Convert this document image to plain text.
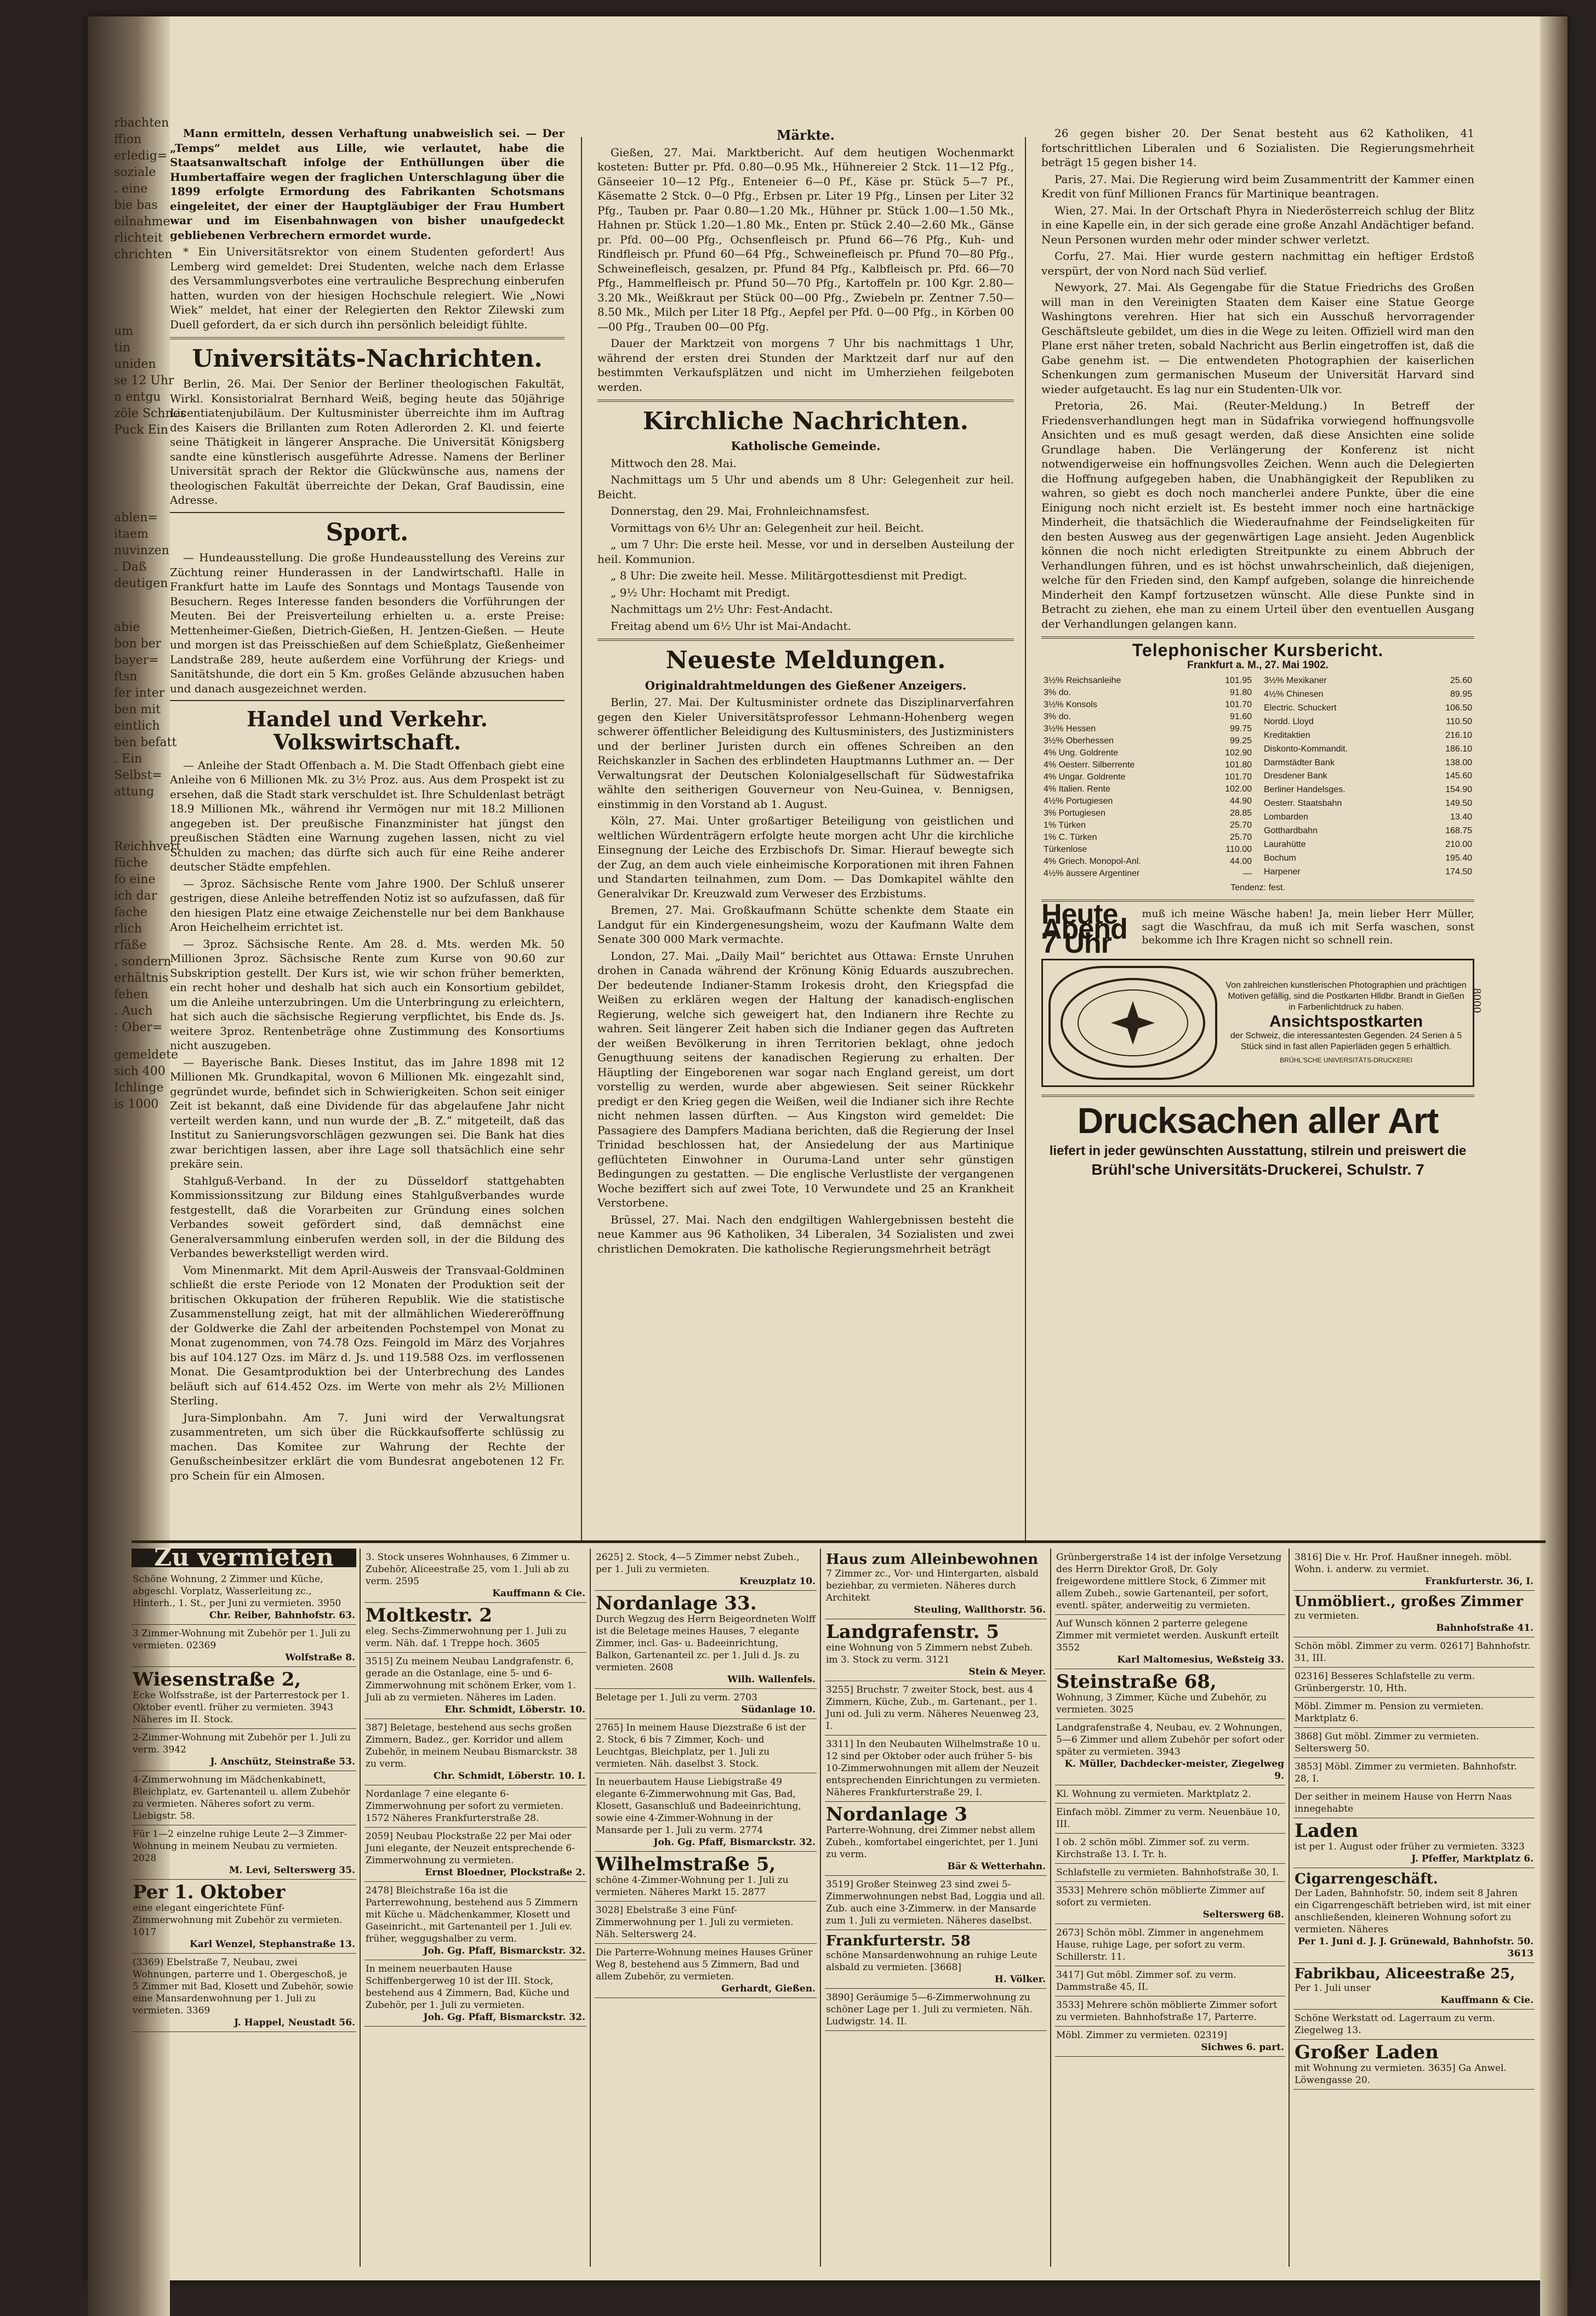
rbachten
ffion
erledig=
soziale
. eine
bie bas
eilnahme
rlichteit
chrichten
um
tin
uniden
se 12 Uhr
n entgu
zöle Schnes
Puck Ein
ablen=
itaem
nuvinzen
. Daß
deutigen
abie
bon ber
bayer=
ftsn
fer inter
ben mit
eintlich
ben befatt
. Ein
Selbst=
attung
Reichhvert
füche
fo eine
ich dar
fache
rlich
rfäße
, sondern
erhältnis
fehen
. Auch
: Ober=
gemeldete
sich 400
Ichlinge
is 1000

Mann ermitteln, dessen Verhaftung unabweislich sei. — Der „Temps“ meldet aus Lille, wie verlautet, habe die Staatsanwaltschaft infolge der Enthüllungen über die Humbertaffaire wegen der fraglichen Unterschlagung über die 1899 erfolgte Ermordung des Fabrikanten Schotsmans eingeleitet, der einer der Hauptgläubiger der Frau Humbert war und im Eisenbahnwagen von bisher unaufgedeckt gebliebenen Verbrechern ermordet wurde.

* Ein Universitätsrektor von einem Studenten gefordert! Aus Lemberg wird gemeldet: Drei Studenten, welche nach dem Erlasse des Versammlungsverbotes eine vertrauliche Besprechung einberufen hatten, wurden von der hiesigen Hochschule relegiert. Wie „Nowi Wiek“ meldet, hat einer der Relegierten den Rektor Zilewski zum Duell gefordert, da er sich durch ihn persönlich beleidigt fühlte.

Universitäts-Nachrichten.

Berlin, 26. Mai. Der Senior der Berliner theologischen Fakultät, Wirkl. Konsistorialrat Bernhard Weiß, beging heute das 50jährige Licentiatenjubiläum. Der Kultusminister überreichte ihm im Auftrag des Kaisers die Brillanten zum Roten Adlerorden 2. Kl. und feierte seine Thätigkeit in längerer Ansprache. Die Universität Königsberg sandte eine künstlerisch ausgeführte Adresse. Namens der Berliner Universität sprach der Rektor die Glückwünsche aus, namens der theologischen Fakultät überreichte der Dekan, Graf Baudissin, eine Adresse.

Sport.

— Hundeausstellung. Die große Hundeausstellung des Vereins zur Züchtung reiner Hunderassen in der Landwirtschaftl. Halle in Frankfurt hatte im Laufe des Sonntags und Montags Tausende von Besuchern. Reges Interesse fanden besonders die Vorführungen der Meuten. Bei der Preisverteilung erhielten u. a. erste Preise: Mettenheimer-Gießen, Dietrich-Gießen, H. Jentzen-Gießen. — Heute und morgen ist das Preisschießen auf dem Schießplatz, Gießenheimer Landstraße 289, heute außerdem eine Vorführung der Kriegs- und Sanitätshunde, die dort ein 5 Km. großes Gelände abzusuchen haben und danach ausgezeichnet werden.

Handel und Verkehr. Volkswirtschaft.

— Anleihe der Stadt Offenbach a. M. Die Stadt Offenbach giebt eine Anleihe von 6 Millionen Mk. zu 3½ Proz. aus. Aus dem Prospekt ist zu ersehen, daß die Stadt stark verschuldet ist. Ihre Schuldenlast beträgt 18.9 Millionen Mk., während ihr Vermögen nur mit 18.2 Millionen angegeben ist. Der preußische Finanzminister hat jüngst den preußischen Städten eine Warnung zugehen lassen, nicht zu viel Schulden zu machen; das dürfte sich auch für eine Reihe anderer deutscher Städte empfehlen.

— 3proz. Sächsische Rente vom Jahre 1900. Der Schluß unserer gestrigen, diese Anleihe betreffenden Notiz ist so aufzufassen, daß für den hiesigen Platz eine etwaige Zeichenstelle nur bei dem Bankhause Aron Heichelheim errichtet ist.

— 3proz. Sächsische Rente. Am 28. d. Mts. werden Mk. 50 Millionen 3proz. Sächsische Rente zum Kurse von 90.60 zur Subskription gestellt. Der Kurs ist, wie wir schon früher bemerkten, ein recht hoher und deshalb hat sich auch ein Konsortium gebildet, um die Anleihe unterzubringen. Um die Unterbringung zu erleichtern, hat sich auch die sächsische Regierung verpflichtet, bis Ende ds. Js. weitere 3proz. Rentenbeträge ohne Zustimmung des Konsortiums nicht auszugeben.

— Bayerische Bank. Dieses Institut, das im Jahre 1898 mit 12 Millionen Mk. Grundkapital, wovon 6 Millionen Mk. eingezahlt sind, gegründet wurde, befindet sich in Schwierigkeiten. Schon seit einiger Zeit ist bekannt, daß eine Dividende für das abgelaufene Jahr nicht verteilt werden kann, und nun wurde der „B. Z.“ mitgeteilt, daß das Institut zu Sanierungsvorschlägen gezwungen sei. Die Bank hat dies zwar berichtigen lassen, aber ihre Lage soll thatsächlich eine sehr prekäre sein.

Stahlguß-Verband. In der zu Düsseldorf stattgehabten Kommissionssitzung zur Bildung eines Stahlgußverbandes wurde festgestellt, daß die Vorarbeiten zur Gründung eines solchen Verbandes soweit gefördert sind, daß demnächst eine Generalversammlung einberufen werden soll, in der die Bildung des Verbandes bewerkstelligt werden wird.

Vom Minenmarkt. Mit dem April-Ausweis der Transvaal-Goldminen schließt die erste Periode von 12 Monaten der Produktion seit der britischen Okkupation der früheren Republik. Wie die statistische Zusammenstellung zeigt, hat mit der allmählichen Wiedereröffnung der Goldwerke die Zahl der arbeitenden Pochstempel von Monat zu Monat zugenommen, von 74.78 Ozs. Feingold im März des Vorjahres bis auf 104.127 Ozs. im März d. Js. und 119.588 Ozs. im verflossenen Monat. Die Gesamtproduktion bei der Unterbrechung des Landes beläuft sich auf 614.452 Ozs. im Werte von mehr als 2½ Millionen Sterling.

Jura-Simplonbahn. Am 7. Juni wird der Verwaltungsrat zusammentreten, um sich über die Rückkaufsofferte schlüssig zu machen. Das Komitee zur Wahrung der Rechte der Genußscheinbesitzer erklärt die vom Bundesrat angebotenen 12 Fr. pro Schein für ein Almosen.

Märkte.

Gießen, 27. Mai. Marktbericht. Auf dem heutigen Wochenmarkt kosteten: Butter pr. Pfd. 0.80—0.95 Mk., Hühnereier 2 Stck. 11—12 Pfg., Gänseeier 10—12 Pfg., Enteneier 6—0 Pf., Käse pr. Stück 5—7 Pf., Käsematte 2 Stck. 0—0 Pfg., Erbsen pr. Liter 19 Pfg., Linsen per Liter 32 Pfg., Tauben pr. Paar 0.80—1.20 Mk., Hühner pr. Stück 1.00—1.50 Mk., Hahnen pr. Stück 1.20—1.80 Mk., Enten pr. Stück 2.40—2.60 Mk., Gänse pr. Pfd. 00—00 Pfg., Ochsenfleisch pr. Pfund 66—76 Pfg., Kuh- und Rindfleisch pr. Pfund 60—64 Pfg., Schweinefleisch pr. Pfund 70—80 Pfg., Schweinefleisch, gesalzen, pr. Pfund 84 Pfg., Kalbfleisch pr. Pfd. 66—70 Pfg., Hammelfleisch pr. Pfund 50—70 Pfg., Kartoffeln pr. 100 Kgr. 2.80—3.20 Mk., Weißkraut per Stück 00—00 Pfg., Zwiebeln pr. Zentner 7.50—8.50 Mk., Milch per Liter 18 Pfg., Aepfel per Pfd. 0—00 Pfg., in Körben 00—00 Pfg., Trauben 00—00 Pfg.

Dauer der Marktzeit von morgens 7 Uhr bis nachmittags 1 Uhr, während der ersten drei Stunden der Marktzeit darf nur auf den bestimmten Verkaufsplätzen und nicht im Umherziehen feilgeboten werden.

Kirchliche Nachrichten.
Katholische Gemeinde.

Mittwoch den 28. Mai.

Nachmittags um 5 Uhr und abends um 8 Uhr: Gelegenheit zur heil. Beicht.

Donnerstag, den 29. Mai, Frohnleichnamsfest.

Vormittags von 6½ Uhr an: Gelegenheit zur heil. Beicht.

„ um 7 Uhr: Die erste heil. Messe, vor und in derselben Austeilung der heil. Kommunion.

„ 8 Uhr: Die zweite heil. Messe. Militärgottesdienst mit Predigt.

„ 9½ Uhr: Hochamt mit Predigt.

Nachmittags um 2½ Uhr: Fest-Andacht.

Freitag abend um 6½ Uhr ist Mai-Andacht.

Neueste Meldungen.
Originaldrahtmeldungen des Gießener Anzeigers.

Berlin, 27. Mai. Der Kultusminister ordnete das Disziplinarverfahren gegen den Kieler Universitätsprofessor Lehmann-Hohenberg wegen schwerer öffentlicher Beleidigung des Kultusministers, des Justizministers und der berliner Juristen durch ein offenes Schreiben an den Reichskanzler in Sachen des erblindeten Hauptmanns Luthmer an. — Der Verwaltungsrat der Deutschen Kolonialgesellschaft für Südwestafrika wählte den seitherigen Gouverneur von Neu-Guinea, v. Bennigsen, einstimmig in den Vorstand ab 1. August.

Köln, 27. Mai. Unter großartiger Beteiligung von geistlichen und weltlichen Würdenträgern erfolgte heute morgen acht Uhr die kirchliche Einsegnung der Leiche des Erzbischofs Dr. Simar. Hierauf bewegte sich der Zug, an dem auch viele einheimische Korporationen mit ihren Fahnen und Standarten teilnahmen, zum Dom. — Das Domkapitel wählte den Generalvikar Dr. Kreuzwald zum Verweser des Erzbistums.

Bremen, 27. Mai. Großkaufmann Schütte schenkte dem Staate ein Landgut für ein Kindergenesungsheim, wozu der Kaufmann Walte dem Senate 300 000 Mark vermachte.

London, 27. Mai. „Daily Mail“ berichtet aus Ottawa: Ernste Unruhen drohen in Canada während der Krönung König Eduards auszubrechen. Der bedeutende Indianer-Stamm Irokesis droht, den Kriegspfad die Weißen zu erklären wegen der Haltung der kanadisch-englischen Regierung, welche sich geweigert hat, den Indianern ihre Rechte zu wahren. Seit längerer Zeit haben sich die Indianer gegen das Auftreten der weißen Bevölkerung in ihren Territorien beklagt, ohne jedoch Genugthuung seitens der kanadischen Regierung zu erhalten. Der Häuptling der Eingeborenen war sogar nach England gereist, um dort vorstellig zu werden, wurde aber abgewiesen. Seit seiner Rückkehr predigt er den Krieg gegen die Weißen, weil die Indianer sich ihre Rechte nicht nehmen lassen dürften. — Aus Kingston wird gemeldet: Die Passagiere des Dampfers Madiana berichten, daß die Regierung der Insel Trinidad beschlossen hat, der Ansiedelung der aus Martinique geflüchteten Einwohner in Ouruma-Land unter sehr günstigen Bedingungen zu gestatten. — Die englische Verlustliste der vergangenen Woche beziffert sich auf zwei Tote, 10 Verwundete und 25 an Krankheit Verstorbene.

Brüssel, 27. Mai. Nach den endgiltigen Wahlergebnissen besteht die neue Kammer aus 96 Katholiken, 34 Liberalen, 34 Sozialisten und zwei christlichen Demokraten. Die katholische Regierungsmehrheit beträgt

26 gegen bisher 20. Der Senat besteht aus 62 Katholiken, 41 fortschrittlichen Liberalen und 6 Sozialisten. Die Regierungsmehrheit beträgt 15 gegen bisher 14.

Paris, 27. Mai. Die Regierung wird beim Zusammentritt der Kammer einen Kredit von fünf Millionen Francs für Martinique beantragen.

Wien, 27. Mai. In der Ortschaft Phyra in Niederösterreich schlug der Blitz in eine Kapelle ein, in der sich gerade eine große Anzahl Andächtiger befand. Neun Personen wurden mehr oder minder schwer verletzt.

Corfu, 27. Mai. Hier wurde gestern nachmittag ein heftiger Erdstoß verspürt, der von Nord nach Süd verlief.

Newyork, 27. Mai. Als Gegengabe für die Statue Friedrichs des Großen will man in den Vereinigten Staaten dem Kaiser eine Statue George Washingtons verehren. Hier hat sich ein Ausschuß hervorragender Geschäftsleute gebildet, um dies in die Wege zu leiten. Offiziell wird man den Plane erst näher treten, sobald Nachricht aus Berlin eingetroffen ist, daß die Gabe genehm ist. — Die entwendeten Photographien der kaiserlichen Schenkungen zum germanischen Museum der Universität Harvard sind wieder aufgetaucht. Es lag nur ein Studenten-Ulk vor.

Pretoria, 26. Mai. (Reuter-Meldung.) In Betreff der Friedensverhandlungen hegt man in Südafrika vorwiegend hoffnungsvolle Ansichten und es muß gesagt werden, daß diese Ansichten eine solide Grundlage haben. Die Verlängerung der Konferenz ist nicht notwendigerweise ein hoffnungsvolles Zeichen. Wenn auch die Delegierten die Hoffnung aufgegeben haben, die Unabhängigkeit der Republiken zu wahren, so giebt es doch noch mancherlei andere Punkte, über die eine Einigung noch nicht erzielt ist. Es besteht immer noch eine hartnäckige Minderheit, die thatsächlich die Wiederaufnahme der Feindseligkeiten für den besten Ausweg aus der gegenwärtigen Lage ansieht. Jeden Augenblick können die noch nicht erledigten Streitpunkte zu einem Abbruch der Verhandlungen führen, und es ist höchst unwahrscheinlich, daß diejenigen, welche für den Frieden sind, den Kampf aufgeben, solange die hinreichende Minderheit den Kampf fortzusetzen wünscht. Alle diese Punkte sind in Betracht zu ziehen, ehe man zu einem Urteil über den eventuellen Ausgang der Verhandlungen gelangen kann.

Telephonischer Kursbericht.
Frankfurt a. M., 27. Mai 1902.
3½% Reichsanleihe	101.95
3% do.	91.80
3½% Konsols	101.70
3% do.	91.60
3½% Hessen	99.75
3½% Oberhessen	99.25
4% Ung. Goldrente	102.90
4% Oesterr. Silberrente	101.80
4% Ungar. Goldrente	101.70
4% Italien. Rente	102.00
4½% Portugiesen	44.90
3% Portugiesen	28.85
1% Türken	25.70
1% C. Türken	25.70
Türkenlose	110.00
4% Griech. Monopol-Anl.	44.00
4½% äussere Argentiner	—
3½% Mexikaner	25.60
4½% Chinesen	89.95
Electric. Schuckert	106.50
Nordd. Lloyd	110.50
Kreditaktien	216.10
Diskonto-Kommandit.	186.10
Darmstädter Bank	138.00
Dresdener Bank	145.60
Berliner Handelsges.	154.90
Oesterr. Staatsbahn	149.50
Lombarden	13.40
Gotthardbahn	168.75
Laurahütte	210.00
Bochum	195.40
Harpener	174.50
Tendenz: fest.
Heute Abend 7 Uhr
muß ich meine Wäsche haben! Ja, mein lieber Herr Müller, sagt die Waschfrau, da muß ich mit Serfa waschen, sonst bekomme ich Ihre Kragen nicht so schnell rein.
Von zahlreichen kunstlerischen Photographien und prächtigen Motiven gefällig, sind die Postkarten Hlldbr. Brandt in Gießen in Farbenlichtdruck zu haben.
Ansichtspostkarten
der Schweiz, die interessantesten Gegenden. 24 Serien à 5 Stück sind in fast allen Papierläden gegen 5 erhältlich.
BRÜHL'SCHE UNIVERSITÄTS-DRUCKEREI
8000
Drucksachen aller Art
liefert in jeder gewünschten Ausstattung, stilrein und preiswert die
Brühl'sche Universitäts-Druckerei, Schulstr. 7
Zu vermieten
Schöne Wohnung, 2 Zimmer und Küche, abgeschl. Vorplatz, Wasserleitung zc., Hinterh., 1. St., per Juni zu vermieten. 3950
Chr. Reiber, Bahnhofstr. 63.
3 Zimmer-Wohnung mit Zubehör per 1. Juli zu vermieten. 02369
Wolfstraße 8.
Wiesenstraße 2,
Ecke Wolfsstraße, ist der Parterrestock per 1. Oktober eventl. früher zu vermieten. 3943 Näheres im II. Stock.
2-Zimmer-Wohnung mit Zubehör per 1. Juli zu verm. 3942
J. Anschütz, Steinstraße 53.
4-Zimmerwohnung im Mädchenkabinett, Bleichplatz, ev. Gartenanteil u. allem Zubehör zu vermieten. Näheres sofort zu verm. Liebigstr. 58.
Für 1—2 einzelne ruhige Leute 2—3 Zimmer-Wohnung in meinem Neubau zu vermieten. 2028
M. Levi, Selterswerg 35.
Per 1. Oktober
eine elegant eingerichtete Fünf-Zimmerwohnung mit Zubehör zu vermieten. 1017
Karl Wenzel, Stephanstraße 13.
(3369) Ebelstraße 7, Neubau, zwei Wohnungen, parterre und 1. Obergeschoß, je 5 Zimmer mit Bad, Klosett und Zubehör, sowie eine Mansardenwohnung per 1. Juli zu vermieten. 3369
J. Happel, Neustadt 56.
3. Stock unseres Wohnhauses, 6 Zimmer u. Zubehör, Aliceestraße 25, vom 1. Juli ab zu verm. 2595
Kauffmann & Cie.
Moltkestr. 2
eleg. Sechs-Zimmerwohnung per 1. Juli zu verm. Näh. daf. 1 Treppe hoch. 3605
3515] Zu meinem Neubau Landgrafenstr. 6, gerade an die Ostanlage, eine 5- und 6-Zimmerwohnung mit schönem Erker, vom 1. Juli ab zu vermieten. Näheres im Laden.
Ehr. Schmidt, Löberstr. 10.
387] Beletage, bestehend aus sechs großen Zimmern, Badez., ger. Korridor und allem Zubehör, in meinem Neubau Bismarckstr. 38 zu verm.
Chr. Schmidt, Löberstr. 10. I.
Nordanlage 7 eine elegante 6-Zimmerwohnung per sofort zu vermieten. 1572 Näheres Frankfurterstraße 28.
2059] Neubau Plockstraße 22 per Mai oder Juni elegante, der Neuzeit entsprechende 6-Zimmerwohnung zu vermieten.
Ernst Bloedner, Plockstraße 2.
2478] Bleichstraße 16a ist die Parterrewohnung, bestehend aus 5 Zimmern mit Küche u. Mädchenkammer, Klosett und Gaseinricht., mit Gartenanteil per 1. Juli ev. früher, weggugshalber zu verm.
Joh. Gg. Pfaff, Bismarckstr. 32.
In meinem neuerbauten Hause Schiffenbergerweg 10 ist der III. Stock, bestehend aus 4 Zimmern, Bad, Küche und Zubehör, per 1. Juli zu vermieten.
Joh. Gg. Pfaff, Bismarckstr. 32.
2625] 2. Stock, 4—5 Zimmer nebst Zubeh., per 1. Juli zu vermieten.
Kreuzplatz 10.
Nordanlage 33.
Durch Wegzug des Herrn Beigeordneten Wolff ist die Beletage meines Hauses, 7 elegante Zimmer, incl. Gas- u. Badeeinrichtung, Balkon, Gartenanteil zc. per 1. Juli d. Js. zu vermieten. 2608
Wilh. Wallenfels.
Beletage per 1. Juli zu verm. 2703
Südanlage 10.
2765] In meinem Hause Diezstraße 6 ist der 2. Stock, 6 bis 7 Zimmer, Koch- und Leuchtgas, Bleichplatz, per 1. Juli zu vermieten. Näh. daselbst 3. Stock.
In neuerbautem Hause Liebigstraße 49 elegante 6-Zimmerwohnung mit Gas, Bad, Klosett, Gasanschluß und Badeeinrichtung, sowie eine 4-Zimmer-Wohnung in der Mansarde per 1. Juli zu verm. 2774
Joh. Gg. Pfaff, Bismarckstr. 32.
Wilhelmstraße 5,
schöne 4-Zimmer-Wohnung per 1. Juli zu vermieten. Näheres Markt 15. 2877
3028] Ebelstraße 3 eine Fünf-Zimmerwohnung per 1. Juli zu vermieten. Näh. Selterswerg 24.
Die Parterre-Wohnung meines Hauses Grüner Weg 8, bestehend aus 5 Zimmern, Bad und allem Zubehör, zu vermieten.
Gerhardt, Gießen.
Haus zum Alleinbewohnen
7 Zimmer zc., Vor- und Hintergarten, alsbald beziehbar, zu vermieten. Näheres durch Architekt
Steuling, Wallthorstr. 56.
Landgrafenstr. 5
eine Wohnung von 5 Zimmern nebst Zubeh. im 3. Stock zu verm. 3121
Stein & Meyer.
3255] Bruchstr. 7 zweiter Stock, best. aus 4 Zimmern, Küche, Zub., m. Gartenant., per 1. Juni od. Juli zu verm. Näheres Neuenweg 23, I.
3311] In den Neubauten Wilhelmstraße 10 u. 12 sind per Oktober oder auch früher 5- bis 10-Zimmerwohnungen mit allem der Neuzeit entsprechenden Einrichtungen zu vermieten. Näheres Frankfurterstraße 29, I.
Nordanlage 3
Parterre-Wohnung, drei Zimmer nebst allem Zubeh., komfortabel eingerichtet, per 1. Juni zu verm.
Bär & Wetterhahn.
3519] Großer Steinweg 23 sind zwei 5-Zimmerwohnungen nebst Bad, Loggia und all. Zub. auch eine 3-Zimmerw. in der Mansarde zum 1. Juli zu vermieten. Näheres daselbst.
Frankfurterstr. 58
schöne Mansardenwohnung an ruhige Leute alsbald zu vermieten. [3668]
H. Völker.
3890] Geräumige 5—6-Zimmerwohnung zu schöner Lage per 1. Juli zu vermieten. Näh. Ludwigstr. 14. II.
Grünbergerstraße 14 ist der infolge Versetzung des Herrn Direktor Groß, Dr. Goly freigewordene mittlere Stock, 6 Zimmer mit allem Zubeh., sowie Gartenanteil, per sofort, eventl. später, anderweitig zu vermieten.
Auf Wunsch können 2 parterre gelegene Zimmer mit vermietet werden. Auskunft erteilt 3552
Karl Maltomesius, Weßsteig 33.
Steinstraße 68,
Wohnung, 3 Zimmer, Küche und Zubehör, zu vermieten. 3025
Landgrafenstraße 4, Neubau, ev. 2 Wohnungen, 5—6 Zimmer und allem Zubehör per sofort oder später zu vermieten. 3943
K. Müller, Dachdecker-meister, Ziegelweg 9.
Kl. Wohnung zu vermieten. Marktplatz 2.
Einfach möbl. Zimmer zu verm. Neuenbäue 10, III.
I ob. 2 schön möbl. Zimmer sof. zu verm. Kirchstraße 13. I. Tr. h.
Schlafstelle zu vermieten. Bahnhofstraße 30, I.
3533] Mehrere schön möblierte Zimmer auf sofort zu vermieten.
Selterswerg 68.
2673] Schön möbl. Zimmer in angenehmem Hause, ruhige Lage, per sofort zu verm. Schillerstr. 11.
3417] Gut möbl. Zimmer sof. zu verm. Dammstraße 45, II.
3533] Mehrere schön möblierte Zimmer sofort zu vermieten. Bahnhofstraße 17, Parterre.
Möbl. Zimmer zu vermieten. 02319]
Sichwes 6. part.
3816] Die v. Hr. Prof. Haußner innegeh. möbl. Wohn. i. anderw. zu vermiet.
Frankfurterstr. 36, I.
Unmöbliert., großes Zimmer
zu vermieten.
Bahnhofstraße 41.
Schön möbl. Zimmer zu verm. 02617] Bahnhofstr. 31, III.
02316] Besseres Schlafstelle zu verm. Grünbergerstr. 10, Hth.
Möbl. Zimmer m. Pension zu vermieten. Marktplatz 6.
3868] Gut möbl. Zimmer zu vermieten. Selterswerg 50.
3853] Möbl. Zimmer zu vermieten. Bahnhofstr. 28, I.
Der seither in meinem Hause von Herrn Naas innegehabte
Laden
ist per 1. August oder früher zu vermieten. 3323
J. Pfeffer, Marktplatz 6.
Cigarrengeschäft.
Der Laden, Bahnhofstr. 50, indem seit 8 Jahren ein Cigarrengeschäft betrieben wird, ist mit einer anschließenden, kleineren Wohnung sofort zu vermieten. Näheres
Per 1. Juni d. J. J. Grünewald, Bahnhofstr. 50. 3613
Fabrikbau, Aliceestraße 25,
Per 1. Juli unser
Kauffmann & Cie.
Schöne Werkstatt od. Lagerraum zu verm. Ziegelweg 13.
Großer Laden
mit Wohnung zu vermieten. 3635] Ga Anwel. Löwengasse 20.
